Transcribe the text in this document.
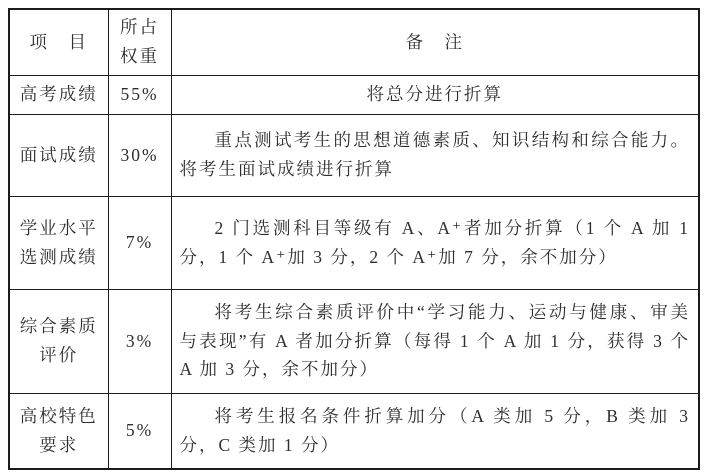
项　目	所占权重	备　注
高考成绩	55%	将总分进行折算
面试成绩	30%	重点测试考生的思想道德素质、知识结构和综合能力。将考生面试成绩进行折算
学业水平选测成绩	7%	2 门选测科目等级有 A、A⁺者加分折算（1 个 A 加 1 分，1 个 A⁺加 3 分，2 个 A⁺加 7 分，余不加分）
综合素质评价	3%	将考生综合素质评价中“学习能力、运动与健康、审美与表现”有 A 者加分折算（每得 1 个 A 加 1 分，获得 3 个 A 加 3 分，余不加分）
高校特色要求	5%	将考生报名条件折算加分（A 类加 5 分，B 类加 3 分，C 类加 1 分）
